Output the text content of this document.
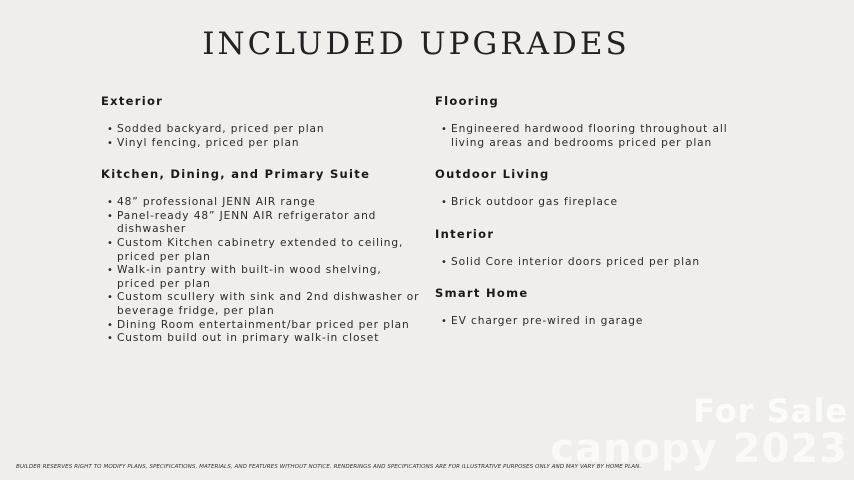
INCLUDED UPGRADES
Exterior
• Sodded backyard, priced per plan
• Vinyl fencing, priced per plan
Kitchen, Dining, and Primary Suite
• 48” professional JENN AIR range
• Panel-ready 48” JENN AIR refrigerator and dishwasher
• Custom Kitchen cabinetry extended to ceiling, priced per plan
• Walk-in pantry with built-in wood shelving, priced per plan
• Custom scullery with sink and 2nd dishwasher or beverage fridge, per plan
• Dining Room entertainment/bar priced per plan
• Custom build out in primary walk-in closet
Flooring
• Engineered hardwood flooring throughout all living areas and bedrooms priced per plan
Outdoor Living
• Brick outdoor gas fireplace
Interior
• Solid Core interior doors priced per plan
Smart Home
• EV charger pre-wired in garage
BUILDER RESERVES RIGHT TO MODIFY PLANS, SPECIFICATIONS, MATERIALS, AND FEATURES WITHOUT NOTICE. RENDERINGS AND SPECIFICATIONS ARE FOR ILLUSTRATIVE PURPOSES ONLY AND MAY VARY BY HOME PLAN.
For Sale
canopy 2023
